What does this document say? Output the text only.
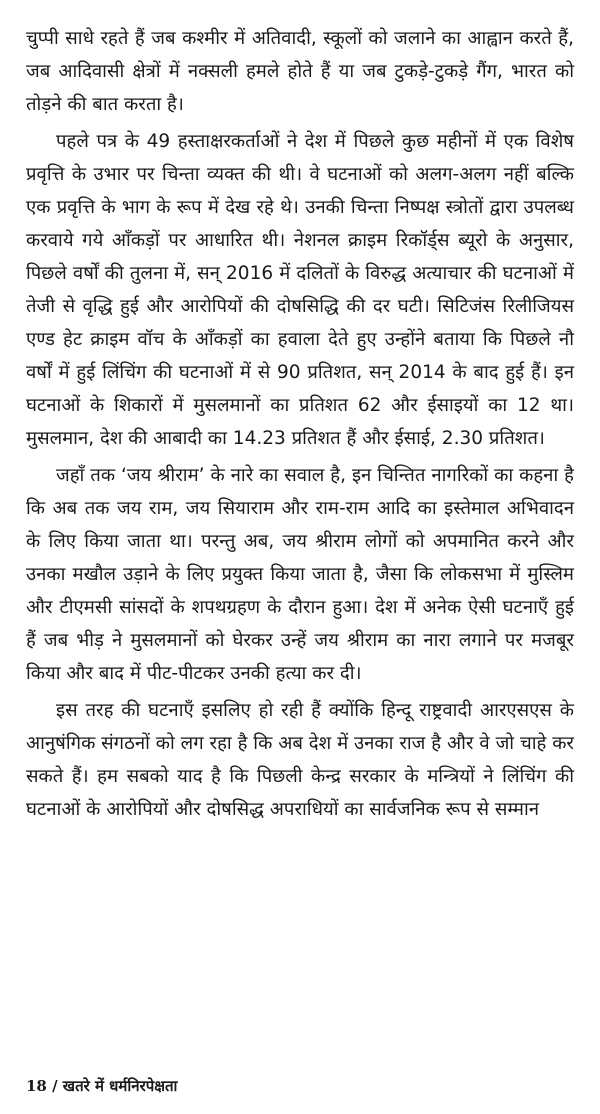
चुप्पी साधे रहते हैं जब कश्मीर में अतिवादी, स्कूलों को जलाने का आह्वान करते हैं, जब आदिवासी क्षेत्रों में नक्सली हमले होते हैं या जब टुकड़े-टुकड़े गैंग, भारत को तोड़ने की बात करता है।

पहले पत्र के 49 हस्ताक्षरकर्ताओं ने देश में पिछले कुछ महीनों में एक विशेष प्रवृत्ति के उभार पर चिन्ता व्यक्त की थी। वे घटनाओं को अलग-अलग नहीं बल्कि एक प्रवृत्ति के भाग के रूप में देख रहे थे। उनकी चिन्ता निष्पक्ष स्त्रोतों द्वारा उपलब्ध करवाये गये आँकड़ों पर आधारित थी। नेशनल क्राइम रिकॉर्ड्स ब्यूरो के अनुसार, पिछले वर्षों की तुलना में, सन् 2016 में दलितों के विरुद्ध अत्याचार की घटनाओं में तेजी से वृद्धि हुई और आरोपियों की दोषसिद्धि की दर घटी। सिटिजंस रिलीजियस एण्ड हेट क्राइम वॉच के आँकड़ों का हवाला देते हुए उन्होंने बताया कि पिछले नौ वर्षों में हुई लिंचिंग की घटनाओं में से 90 प्रतिशत, सन् 2014 के बाद हुई हैं। इन घटनाओं के शिकारों में मुसलमानों का प्रतिशत 62 और ईसाइयों का 12 था। मुसलमान, देश की आबादी का 14.23 प्रतिशत हैं और ईसाई, 2.30 प्रतिशत।

जहाँ तक ‘जय श्रीराम’ के नारे का सवाल है, इन चिन्तित नागरिकों का कहना है कि अब तक जय राम, जय सियाराम और राम-राम आदि का इस्तेमाल अभिवादन के लिए किया जाता था। परन्तु अब, जय श्रीराम लोगों को अपमानित करने और उनका मखौल उड़ाने के लिए प्रयुक्त किया जाता है, जैसा कि लोकसभा में मुस्लिम और टीएमसी सांसदों के शपथग्रहण के दौरान हुआ। देश में अनेक ऐसी घटनाएँ हुई हैं जब भीड़ ने मुसलमानों को घेरकर उन्हें जय श्रीराम का नारा लगाने पर मजबूर किया और बाद में पीट-पीटकर उनकी हत्या कर दी।

इस तरह की घटनाएँ इसलिए हो रही हैं क्योंकि हिन्दू राष्ट्रवादी आरएसएस के आनुषंगिक संगठनों को लग रहा है कि अब देश में उनका राज है और वे जो चाहे कर सकते हैं। हम सबको याद है कि पिछली केन्द्र सरकार के मन्त्रियों ने लिंचिंग की घटनाओं के आरोपियों और दोषसिद्ध अपराधियों का सार्वजनिक रूप से सम्मान

18 / खतरे में धर्मनिरपेक्षता
